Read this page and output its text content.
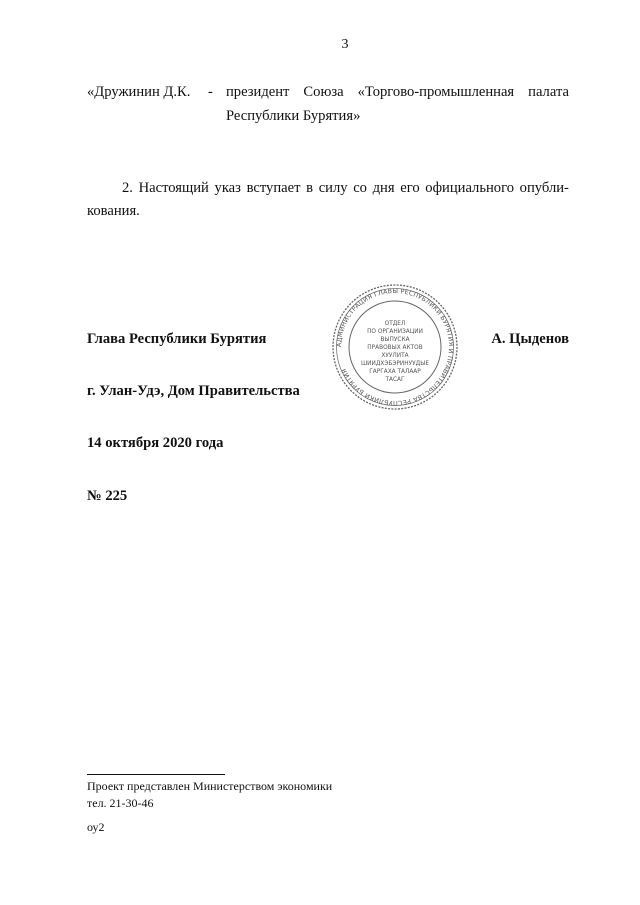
3
«Дружинин Д.К. - президент Союза «Торгово-промышленная палата
Республики Бурятия»
2. Настоящий указ вступает в силу со дня его официального опубли-
кования.
Глава Республики Бурятия	А. Цыденов
АДМИНИСТРАЦИЯ ГЛАВЫ РЕСПУБЛИКИ БУРЯТИЯ И ПРАВИТЕЛЬСТВА РЕСПУБЛИКИ БУРЯТИЯ
ОТДЕЛ
ПО ОРГАНИЗАЦИИ
ВЫПУСКА
ПРАВОВЫХ АКТОВ
ХУУЛИТА
ШИИДХЭБЭРИНУУДЫЕ
ГАРГАХА ТАЛААР
ТАСАГ
г. Улан-Удэ, Дом Правительства
14 октября 2020 года
№ 225
Проект представлен Министерством экономики
тел. 21-30-46
оу2
